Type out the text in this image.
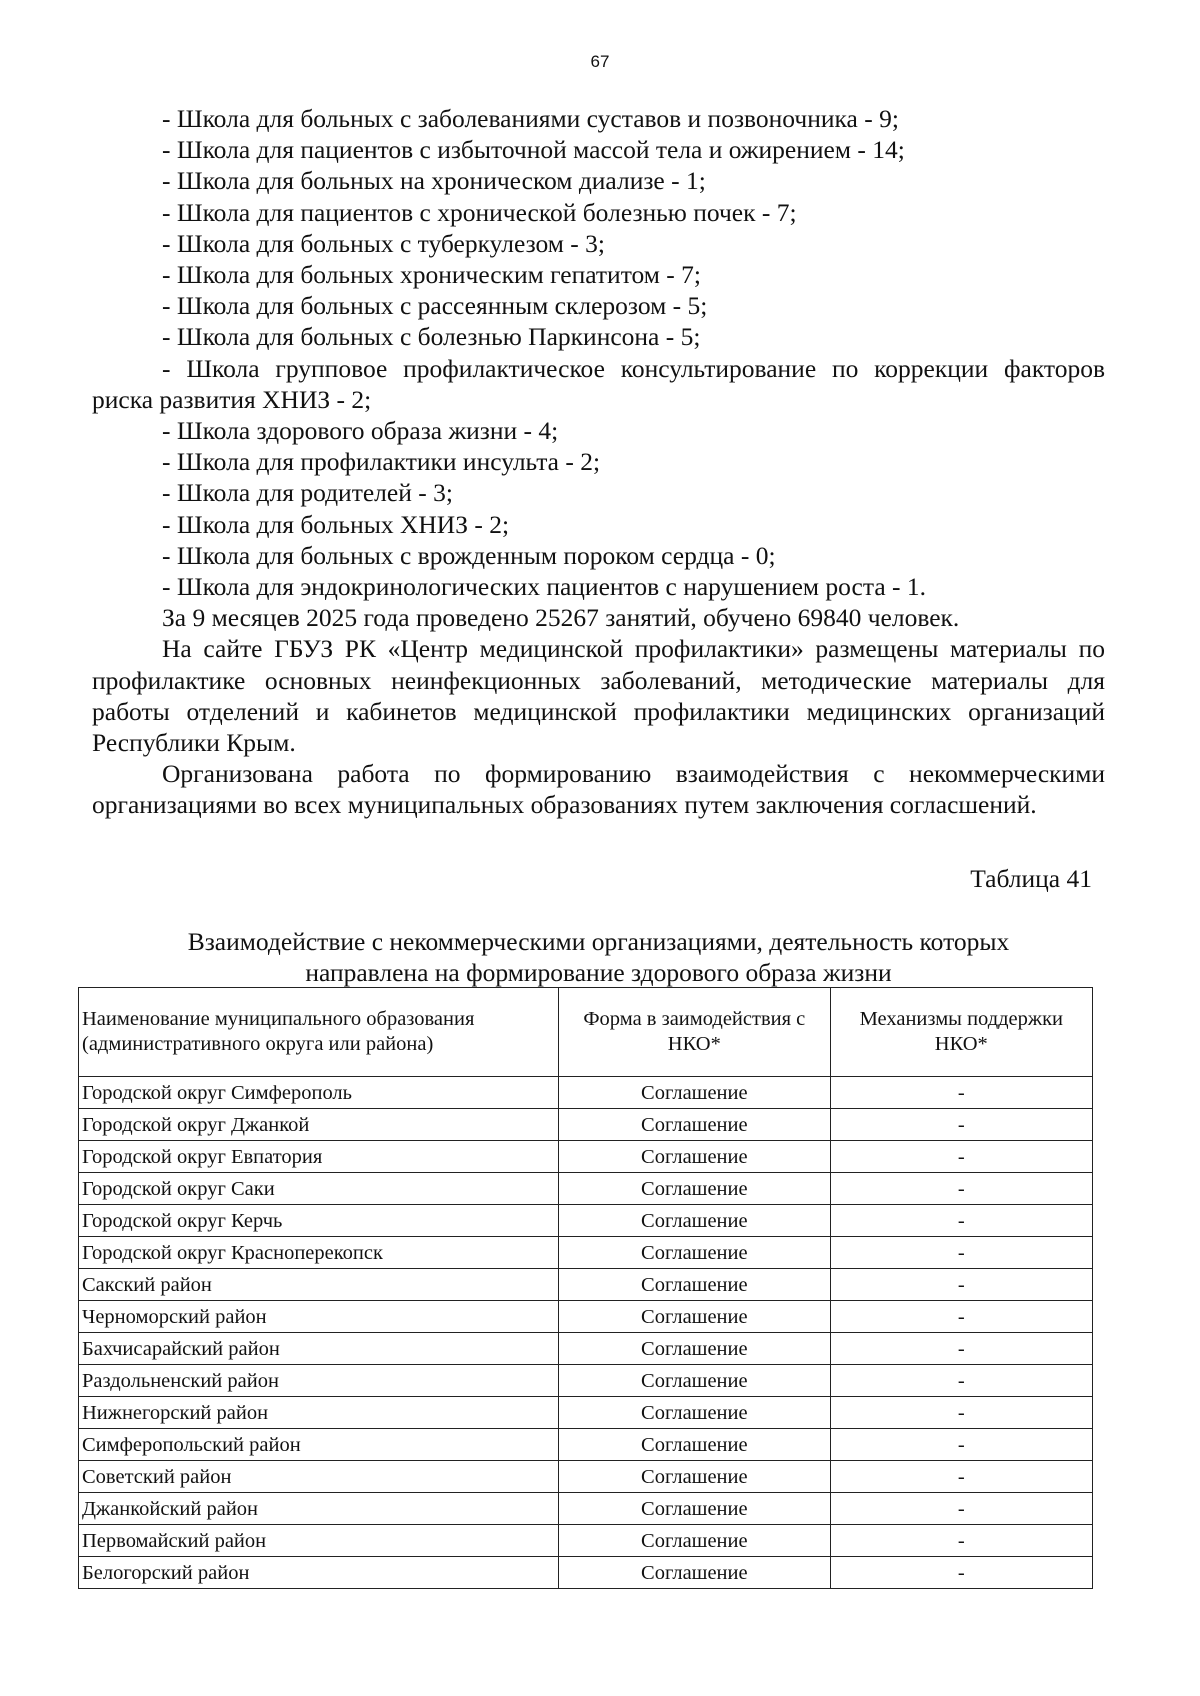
67

- Школа для больных с заболеваниями суставов и позвоночника - 9;

- Школа для пациентов с избыточной массой тела и ожирением - 14;

- Школа для больных на хроническом диализе - 1;

- Школа для пациентов с хронической болезнью почек - 7;

- Школа для больных с туберкулезом - 3;

- Школа для больных хроническим гепатитом - 7;

- Школа для больных с рассеянным склерозом - 5;

- Школа для больных с болезнью Паркинсона - 5;

- Школа групповое профилактическое консультирование по коррекции факторов риска развития ХНИЗ - 2;

- Школа здорового образа жизни - 4;

- Школа для профилактики инсульта - 2;

- Школа для родителей - 3;

- Школа для больных ХНИЗ - 2;

- Школа для больных с врожденным пороком сердца - 0;

- Школа для эндокринологических пациентов с нарушением роста - 1.

За 9 месяцев 2025 года проведено 25267 занятий, обучено 69840 человек.

На сайте ГБУЗ РК «Центр медицинской профилактики» размещены материалы по профилактике основных неинфекционных заболеваний, методические материалы для работы отделений и кабинетов медицинской профилактики медицинских организаций Республики Крым.

Организована работа по формированию взаимодействия с некоммерческими организациями во всех муниципальных образованиях путем заключения согласшений.

Таблица 41
Взаимодействие с некоммерческими организациями, деятельность которых
направлена на формирование здорового образа жизни
Наименование муниципального образования (административного округа или района)	Форма в заимодействия с НКО*	Механизмы поддержки НКО*
Городской округ Симферополь	Соглашение	-
Городской округ Джанкой	Соглашение	-
Городской округ Евпатория	Соглашение	-
Городской округ Саки	Соглашение	-
Городской округ Керчь	Соглашение	-
Городской округ Красноперекопск	Соглашение	-
Сакский район	Соглашение	-
Черноморский район	Соглашение	-
Бахчисарайский район	Соглашение	-
Раздольненский район	Соглашение	-
Нижнегорский район	Соглашение	-
Симферопольский район	Соглашение	-
Советский район	Соглашение	-
Джанкойский район	Соглашение	-
Первомайский район	Соглашение	-
Белогорский район	Соглашение	-
